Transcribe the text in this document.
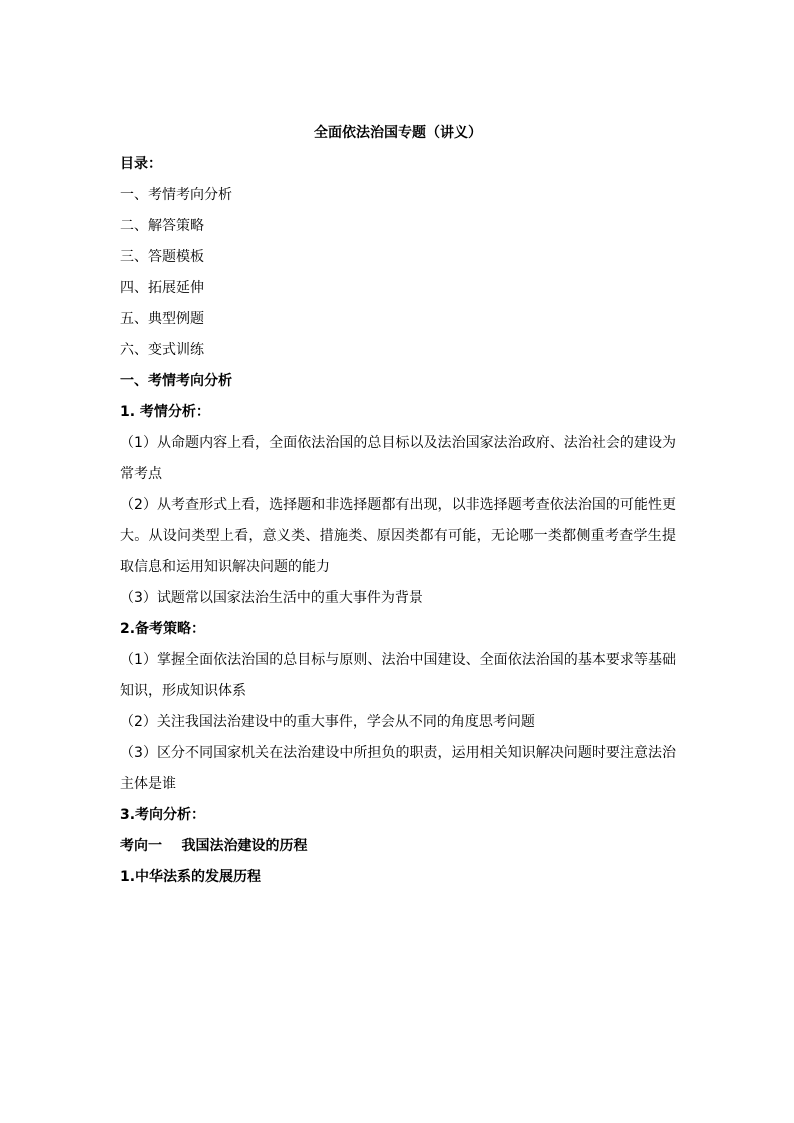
全面依法治国专题（讲义）

目录：

一、考情考向分析

二、解答策略

三、答题模板

四、拓展延伸

五、典型例题

六、变式训练

一、考情考向分析

1. 考情分析：

（1）从命题内容上看，全面依法治国的总目标以及法治国家法治政府、法治社会的建设为常考点

（2）从考查形式上看，选择题和非选择题都有出现，以非选择题考查依法治国的可能性更大。从设问类型上看，意义类、措施类、原因类都有可能，无论哪一类都侧重考查学生提取信息和运用知识解决问题的能力

（3）试题常以国家法治生活中的重大事件为背景

2.备考策略：

（1）掌握全面依法治国的总目标与原则、法治中国建设、全面依法治国的基本要求等基础知识，形成知识体系

（2）关注我国法治建设中的重大事件，学会从不同的角度思考问题

（3）区分不同国家机关在法治建设中所担负的职责，运用相关知识解决问题时要注意法治主体是谁

3.考向分析：

考向一    我国法治建设的历程

1.中华法系的发展历程
